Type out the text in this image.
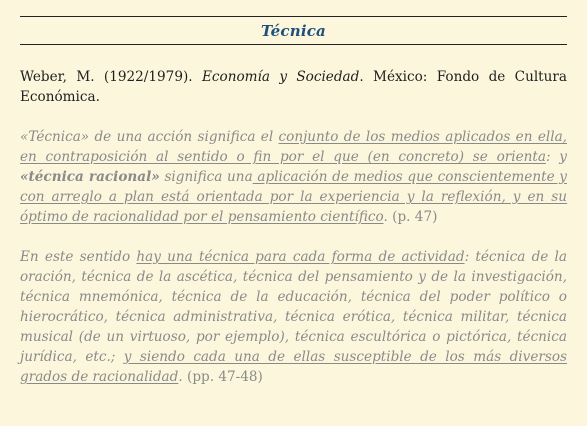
Técnica
Weber, M. (1922/1979). Economía y Sociedad. México: Fondo de Cultura Económica.
«Técnica» de una acción significa el conjunto de los medios aplicados en ella, en contraposición al sentido o fin por el que (en concreto) se orienta: y «técnica racional» significa una aplicación de medios que conscientemente y con arreglo a plan está orientada por la experiencia y la reflexión, y en su óptimo de racionalidad por el pensamiento científico. (p. 47)
En este sentido hay una técnica para cada forma de actividad: técnica de la oración, técnica de la ascética, técnica del pensamiento y de la investigación, técnica mnemónica, técnica de la educación, técnica del poder político o hierocrático, técnica administrativa, técnica erótica, técnica militar, técnica musical (de un virtuoso, por ejemplo), técnica escultórica o pictórica, técnica jurídica, etc.; y siendo cada una de ellas susceptible de los más diversos grados de racionalidad. (pp. 47-48)
